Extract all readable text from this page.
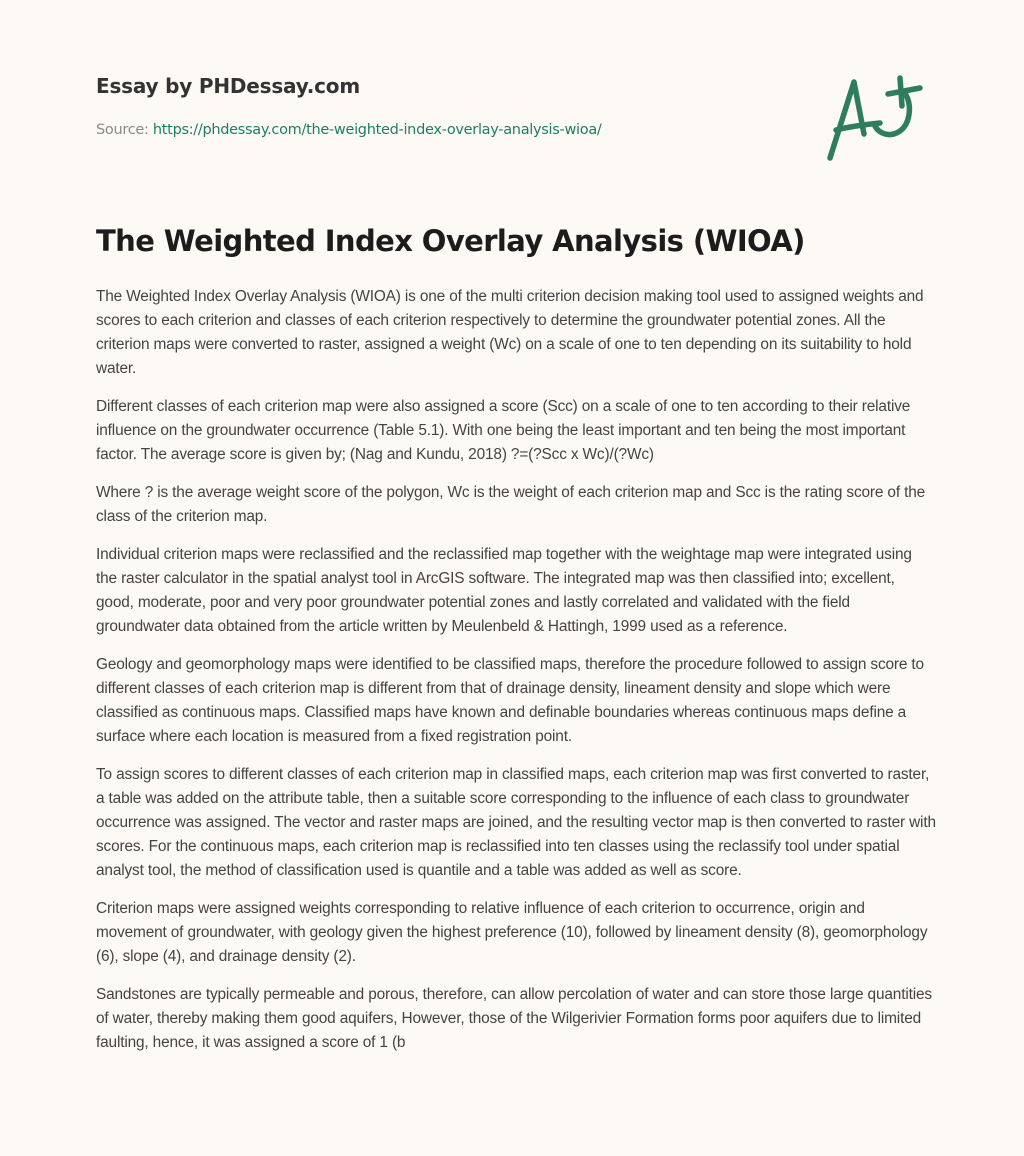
Essay by PHDessay.com
Source: https://phdessay.com/the-weighted-index-overlay-analysis-wioa/
The Weighted Index Overlay Analysis (WIOA)

The Weighted Index Overlay Analysis (WIOA) is one of the multi criterion decision making tool used to assigned weights and scores to each criterion and classes of each criterion respectively to determine the groundwater potential zones. All the criterion maps were converted to raster, assigned a weight (Wc) on a scale of one to ten depending on its suitability to hold water.

Different classes of each criterion map were also assigned a score (Scc) on a scale of one to ten according to their relative influence on the groundwater occurrence (Table 5.1). With one being the least important and ten being the most important factor. The average score is given by; (Nag and Kundu, 2018) ?=(?Scc x Wc)/(?Wc)

Where ? is the average weight score of the polygon, Wc is the weight of each criterion map and Scc is the rating score of the class of the criterion map.

Individual criterion maps were reclassified and the reclassified map together with the weightage map were integrated using the raster calculator in the spatial analyst tool in ArcGIS software. The integrated map was then classified into; excellent, good, moderate, poor and very poor groundwater potential zones and lastly correlated and validated with the field groundwater data obtained from the article written by Meulenbeld & Hattingh, 1999 used as a reference.

Geology and geomorphology maps were identified to be classified maps, therefore the procedure followed to assign score to different classes of each criterion map is different from that of drainage density, lineament density and slope which were classified as continuous maps. Classified maps have known and definable boundaries whereas continuous maps define a surface where each location is measured from a fixed registration point.

To assign scores to different classes of each criterion map in classified maps, each criterion map was first converted to raster, a table was added on the attribute table, then a suitable score corresponding to the influence of each class to groundwater occurrence was assigned. The vector and raster maps are joined, and the resulting vector map is then converted to raster with scores. For the continuous maps, each criterion map is reclassified into ten classes using the reclassify tool under spatial analyst tool, the method of classification used is quantile and a table was added as well as score.

Criterion maps were assigned weights corresponding to relative influence of each criterion to occurrence, origin and movement of groundwater, with geology given the highest preference (10), followed by lineament density (8), geomorphology (6), slope (4), and drainage density (2).

Sandstones are typically permeable and porous, therefore, can allow percolation of water and can store those large quantities of water, thereby making them good aquifers, However, those of the Wilgerivier Formation forms poor aquifers due to limited faulting, hence, it was assigned a score of 1 (b
